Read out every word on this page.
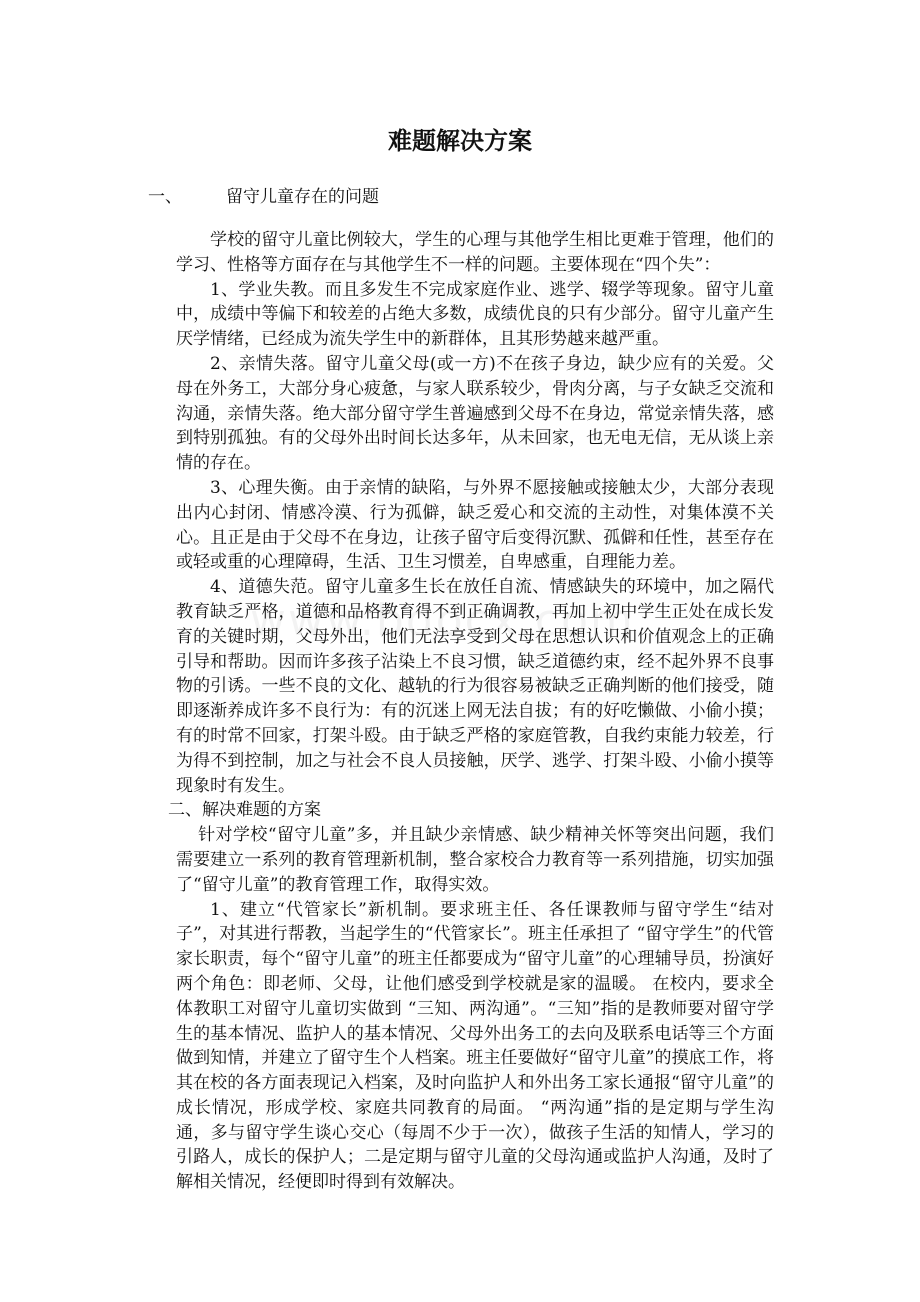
难题解决方案
一、	留守儿童存在的问题

学校的留守儿童比例较大，学生的心理与其他学生相比更难于管理，他们的学习、性格等方面存在与其他学生不一样的问题。主要体现在“四个失”：

1、学业失教。而且多发生不完成家庭作业、逃学、辍学等现象。留守儿童中，成绩中等偏下和较差的占绝大多数，成绩优良的只有少部分。留守儿童产生厌学情绪，已经成为流失学生中的新群体，且其形势越来越严重。

2、亲情失落。留守儿童父母(或一方)不在孩子身边，缺少应有的关爱。父母在外务工，大部分身心疲惫，与家人联系较少，骨肉分离，与子女缺乏交流和沟通，亲情失落。绝大部分留守学生普遍感到父母不在身边，常觉亲情失落，感到特别孤独。有的父母外出时间长达多年，从未回家，也无电无信，无从谈上亲情的存在。

3、心理失衡。由于亲情的缺陷，与外界不愿接触或接触太少，大部分表现出内心封闭、情感冷漠、行为孤僻，缺乏爱心和交流的主动性，对集体漠不关心。且正是由于父母不在身边，让孩子留守后变得沉默、孤僻和任性，甚至存在或轻或重的心理障碍，生活、卫生习惯差，自卑感重，自理能力差。

4、道德失范。留守儿童多生长在放任自流、情感缺失的环境中，加之隔代教育缺乏严格，道德和品格教育得不到正确调教，再加上初中学生正处在成长发育的关键时期，父母外出，他们无法享受到父母在思想认识和价值观念上的正确引导和帮助。因而许多孩子沾染上不良习惯，缺乏道德约束，经不起外界不良事物的引诱。一些不良的文化、越轨的行为很容易被缺乏正确判断的他们接受，随即逐渐养成许多不良行为：有的沉迷上网无法自拔；有的好吃懒做、小偷小摸；有的时常不回家，打架斗殴。由于缺乏严格的家庭管教，自我约束能力较差，行为得不到控制，加之与社会不良人员接触，厌学、逃学、打架斗殴、小偷小摸等现象时有发生。

二、解决难题的方案

针对学校“留守儿童”多，并且缺少亲情感、缺少精神关怀等突出问题，我们需要建立一系列的教育管理新机制，整合家校合力教育等一系列措施，切实加强了“留守儿童”的教育管理工作，取得实效。

1、建立“代管家长”新机制。要求班主任、各任课教师与留守学生“结对子”，对其进行帮教，当起学生的“代管家长”。班主任承担了 “留守学生”的代管家长职责，每个“留守儿童”的班主任都要成为“留守儿童”的心理辅导员，扮演好两个角色：即老师、父母，让他们感受到学校就是家的温暖。 在校内，要求全体教职工对留守儿童切实做到 “三知、两沟通”。“三知”指的是教师要对留守学生的基本情况、监护人的基本情况、父母外出务工的去向及联系电话等三个方面做到知情，并建立了留守生个人档案。班主任要做好“留守儿童”的摸底工作，将其在校的各方面表现记入档案，及时向监护人和外出务工家长通报“留守儿童”的成长情况，形成学校、家庭共同教育的局面。 “两沟通”指的是定期与学生沟通，多与留守学生谈心交心（每周不少于一次），做孩子生活的知情人，学习的引路人，成长的保护人；二是定期与留守儿童的父母沟通或监护人沟通，及时了解相关情况，经便即时得到有效解决。
